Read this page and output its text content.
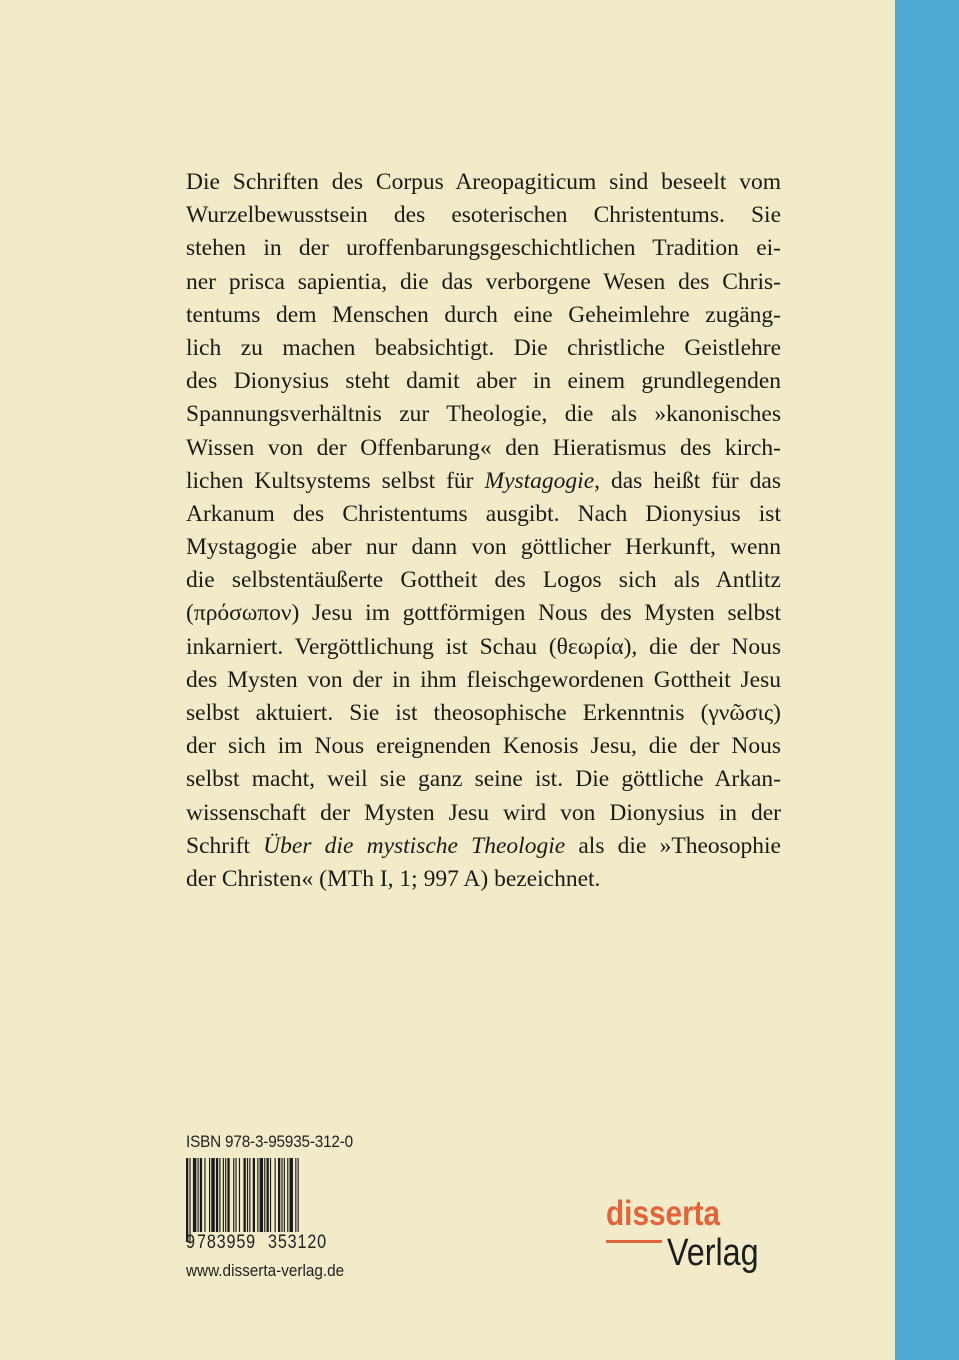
Die Schriften des Corpus Areopagiticum sind beseelt vom
Wurzelbewusstsein des esoterischen Christentums. Sie
stehen in der uroffenbarungsgeschichtlichen Tradition ei-
ner prisca sapientia, die das verborgene Wesen des Chris-
tentums dem Menschen durch eine Geheimlehre zugäng-
lich zu machen beabsichtigt. Die christliche Geistlehre
des Dionysius steht damit aber in einem grundlegenden
Spannungsverhältnis zur Theologie, die als »kanonisches
Wissen von der Offenbarung« den Hieratismus des kirch-
lichen Kultsystems selbst für Mystagogie, das heißt für das
Arkanum des Christentums ausgibt. Nach Dionysius ist
Mystagogie aber nur dann von göttlicher Herkunft, wenn
die selbstentäußerte Gottheit des Logos sich als Antlitz
(πρόσωπον) Jesu im gottförmigen Nous des Mysten selbst
inkarniert. Vergöttlichung ist Schau (θεωρία), die der Nous
des Mysten von der in ihm fleischgewordenen Gottheit Jesu
selbst aktuiert. Sie ist theosophische Erkenntnis (γνῶσις)
der sich im Nous ereignenden Kenosis Jesu, die der Nous
selbst macht, weil sie ganz seine ist. Die göttliche Arkan-
wissenschaft der Mysten Jesu wird von Dionysius in der
Schrift Über die mystische Theologie als die »Theosophie
der Christen« (MTh I, 1; 997 A) bezeichnet.
ISBN 978-3-95935-312-0
9 783959 353120
www.disserta-verlag.de
disserta
Verlag
